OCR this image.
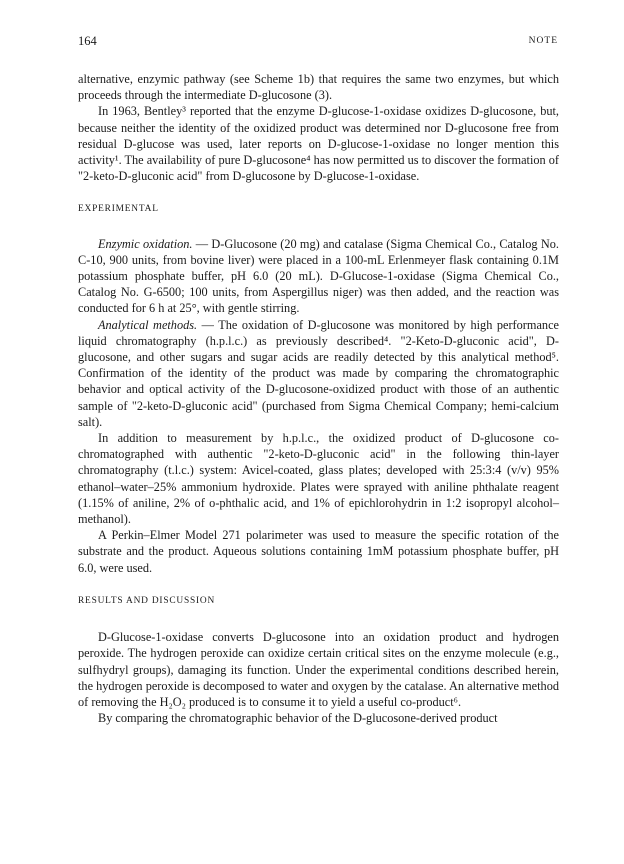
164	NOTE

alternative, enzymic pathway (see Scheme 1b) that requires the same two enzymes, but which proceeds through the intermediate D-glucosone (3).

In 1963, Bentley³ reported that the enzyme D-glucose-1-oxidase oxidizes D-glucosone, but, because neither the identity of the oxidized product was determined nor D-glucosone free from residual D-glucose was used, later reports on D-glucose-1-oxidase no longer mention this activity¹. The availability of pure D-glucosone⁴ has now permitted us to discover the formation of "2-keto-D-gluconic acid" from D-glucosone by D-glucose-1-oxidase.

EXPERIMENTAL

Enzymic oxidation. — D-Glucosone (20 mg) and catalase (Sigma Chemical Co., Catalog No. C-10, 900 units, from bovine liver) were placed in a 100-mL Erlenmeyer flask containing 0.1M potassium phosphate buffer, pH 6.0 (20 mL). D-Glucose-1-oxidase (Sigma Chemical Co., Catalog No. G-6500; 100 units, from Aspergillus niger) was then added, and the reaction was conducted for 6 h at 25°, with gentle stirring.

Analytical methods. — The oxidation of D-glucosone was monitored by high performance liquid chromatography (h.p.l.c.) as previously described⁴. "2-Keto-D-gluconic acid", D-glucosone, and other sugars and sugar acids are readily detected by this analytical method⁵. Confirmation of the identity of the product was made by comparing the chromatographic behavior and optical activity of the D-glucosone-oxidized product with those of an authentic sample of "2-keto-D-gluconic acid" (purchased from Sigma Chemical Company; hemi-calcium salt).

In addition to measurement by h.p.l.c., the oxidized product of D-glucosone co-chromatographed with authentic "2-keto-D-gluconic acid" in the following thin-layer chromatography (t.l.c.) system: Avicel-coated, glass plates; developed with 25:3:4 (v/v) 95% ethanol–water–25% ammonium hydroxide. Plates were sprayed with aniline phthalate reagent (1.15% of aniline, 2% of o-phthalic acid, and 1% of epichlorohydrin in 1:2 isopropyl alcohol–methanol).

A Perkin–Elmer Model 271 polarimeter was used to measure the specific rotation of the substrate and the product. Aqueous solutions containing 1mM potassium phosphate buffer, pH 6.0, were used.

RESULTS AND DISCUSSION

D-Glucose-1-oxidase converts D-glucosone into an oxidation product and hydrogen peroxide. The hydrogen peroxide can oxidize certain critical sites on the enzyme molecule (e.g., sulfhydryl groups), damaging its function. Under the experimental conditions described herein, the hydrogen peroxide is decomposed to water and oxygen by the catalase. An alternative method of removing the H₂O₂ produced is to consume it to yield a useful co-product⁶.

By comparing the chromatographic behavior of the D-glucosone-derived product
